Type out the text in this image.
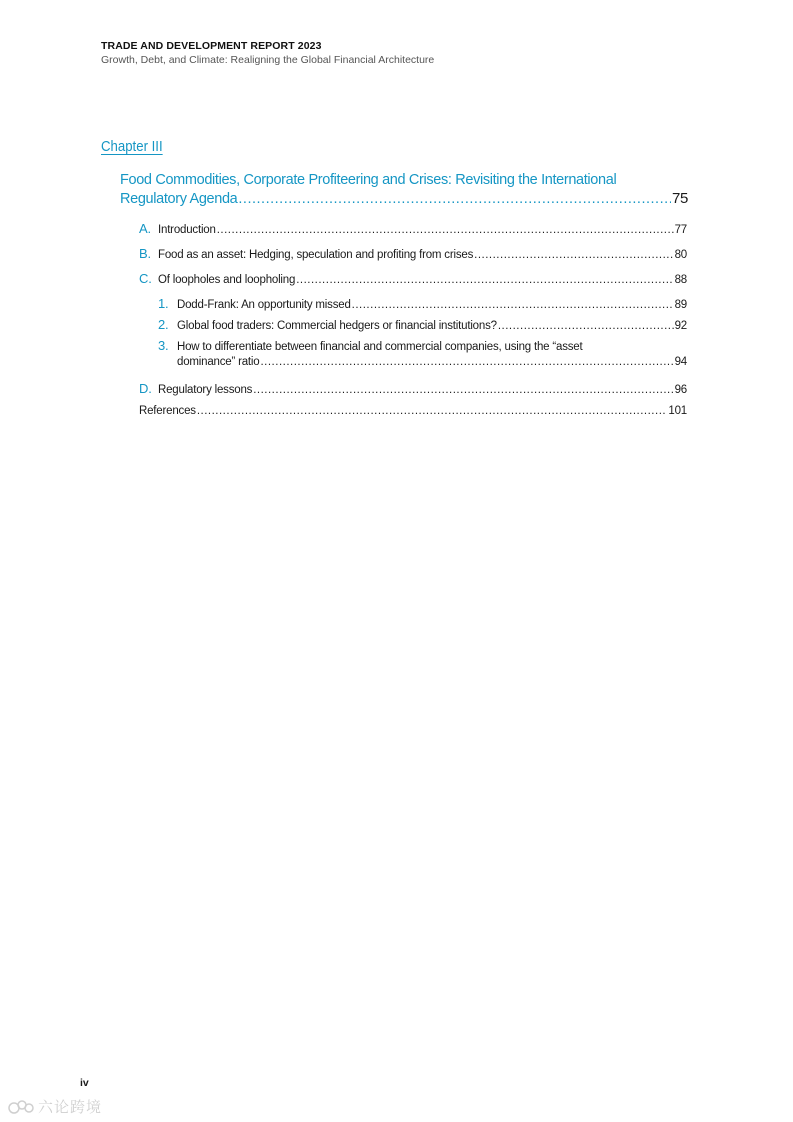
TRADE AND DEVELOPMENT REPORT 2023
Growth, Debt, and Climate: Realigning the Global Financial Architecture
Chapter III
Food Commodities, Corporate Profiteering and Crises: Revisiting the International
Regulatory Agenda .....	75
A. Introduction .....	77
B. Food as an asset: Hedging, speculation and profiting from crises .....	80
C. Of loopholes and loopholing .....	88
1. Dodd-Frank: An opportunity missed .....	89
2. Global food traders: Commercial hedgers or financial institutions? .....	92
3. How to differentiate between financial and commercial companies, using the “asset
dominance” ratio .....	94
D. Regulatory lessons .....	96
References .....	101
iv
六论跨境
